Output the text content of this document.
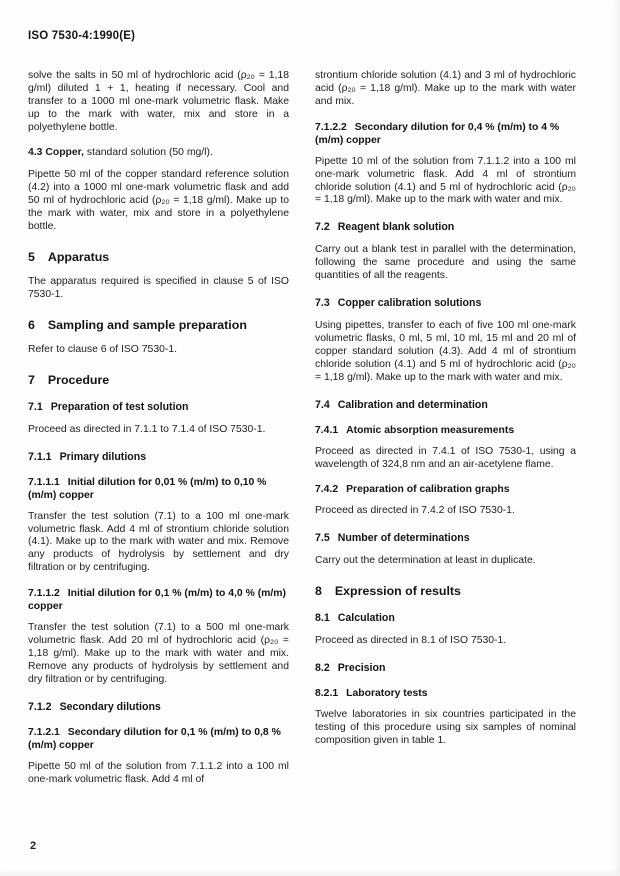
ISO 7530-4:1990(E)

solve the salts in 50 ml of hydrochloric acid (ρ₂₀ = 1,18 g/ml) diluted 1 + 1, heating if necessary. Cool and transfer to a 1000 ml one-mark volumetric flask. Make up to the mark with water, mix and store in a polyethylene bottle.

4.3 Copper, standard solution (50 mg/l).

Pipette 50 ml of the copper standard reference solution (4.2) into a 1000 ml one-mark volumetric flask and add 50 ml of hydrochloric acid (ρ₂₀ = 1,18 g/ml). Make up to the mark with water, mix and store in a polyethylene bottle.

5 Apparatus

The apparatus required is specified in clause 5 of ISO 7530-1.

6 Sampling and sample preparation

Refer to clause 6 of ISO 7530-1.

7 Procedure
7.1 Preparation of test solution

Proceed as directed in 7.1.1 to 7.1.4 of ISO 7530-1.

7.1.1 Primary dilutions
7.1.1.1 Initial dilution for 0,01 % (m/m) to 0,10 % (m/m) copper

Transfer the test solution (7.1) to a 100 ml one-mark volumetric flask. Add 4 ml of strontium chloride solution (4.1). Make up to the mark with water and mix. Remove any products of hydrolysis by settlement and dry filtration or by centrifuging.

7.1.1.2 Initial dilution for 0,1 % (m/m) to 4,0 % (m/m) copper

Transfer the test solution (7.1) to a 500 ml one-mark volumetric flask. Add 20 ml of hydrochloric acid (ρ₂₀ = 1,18 g/ml). Make up to the mark with water and mix. Remove any products of hydrolysis by settlement and dry filtration or by centrifuging.

7.1.2 Secondary dilutions
7.1.2.1 Secondary dilution for 0,1 % (m/m) to 0,8 % (m/m) copper

Pipette 50 ml of the solution from 7.1.1.2 into a 100 ml one-mark volumetric flask. Add 4 ml of

strontium chloride solution (4.1) and 3 ml of hydrochloric acid (ρ₂₀ = 1,18 g/ml). Make up to the mark with water and mix.

7.1.2.2 Secondary dilution for 0,4 % (m/m) to 4 % (m/m) copper

Pipette 10 ml of the solution from 7.1.1.2 into a 100 ml one-mark volumetric flask. Add 4 ml of strontium chloride solution (4.1) and 5 ml of hydrochloric acid (ρ₂₀ = 1,18 g/ml). Make up to the mark with water and mix.

7.2 Reagent blank solution

Carry out a blank test in parallel with the determination, following the same procedure and using the same quantities of all the reagents.

7.3 Copper calibration solutions

Using pipettes, transfer to each of five 100 ml one-mark volumetric flasks, 0 ml, 5 ml, 10 ml, 15 ml and 20 ml of copper standard solution (4.3). Add 4 ml of strontium chloride solution (4.1) and 5 ml of hydrochloric acid (ρ₂₀ = 1,18 g/ml). Make up to the mark with water and mix.

7.4 Calibration and determination
7.4.1 Atomic absorption measurements

Proceed as directed in 7.4.1 of ISO 7530-1, using a wavelength of 324,8 nm and an air-acetylene flame.

7.4.2 Preparation of calibration graphs

Proceed as directed in 7.4.2 of ISO 7530-1.

7.5 Number of determinations

Carry out the determination at least in duplicate.

8 Expression of results
8.1 Calculation

Proceed as directed in 8.1 of ISO 7530-1.

8.2 Precision
8.2.1 Laboratory tests

Twelve laboratories in six countries participated in the testing of this procedure using six samples of nominal composition given in table 1.

2
